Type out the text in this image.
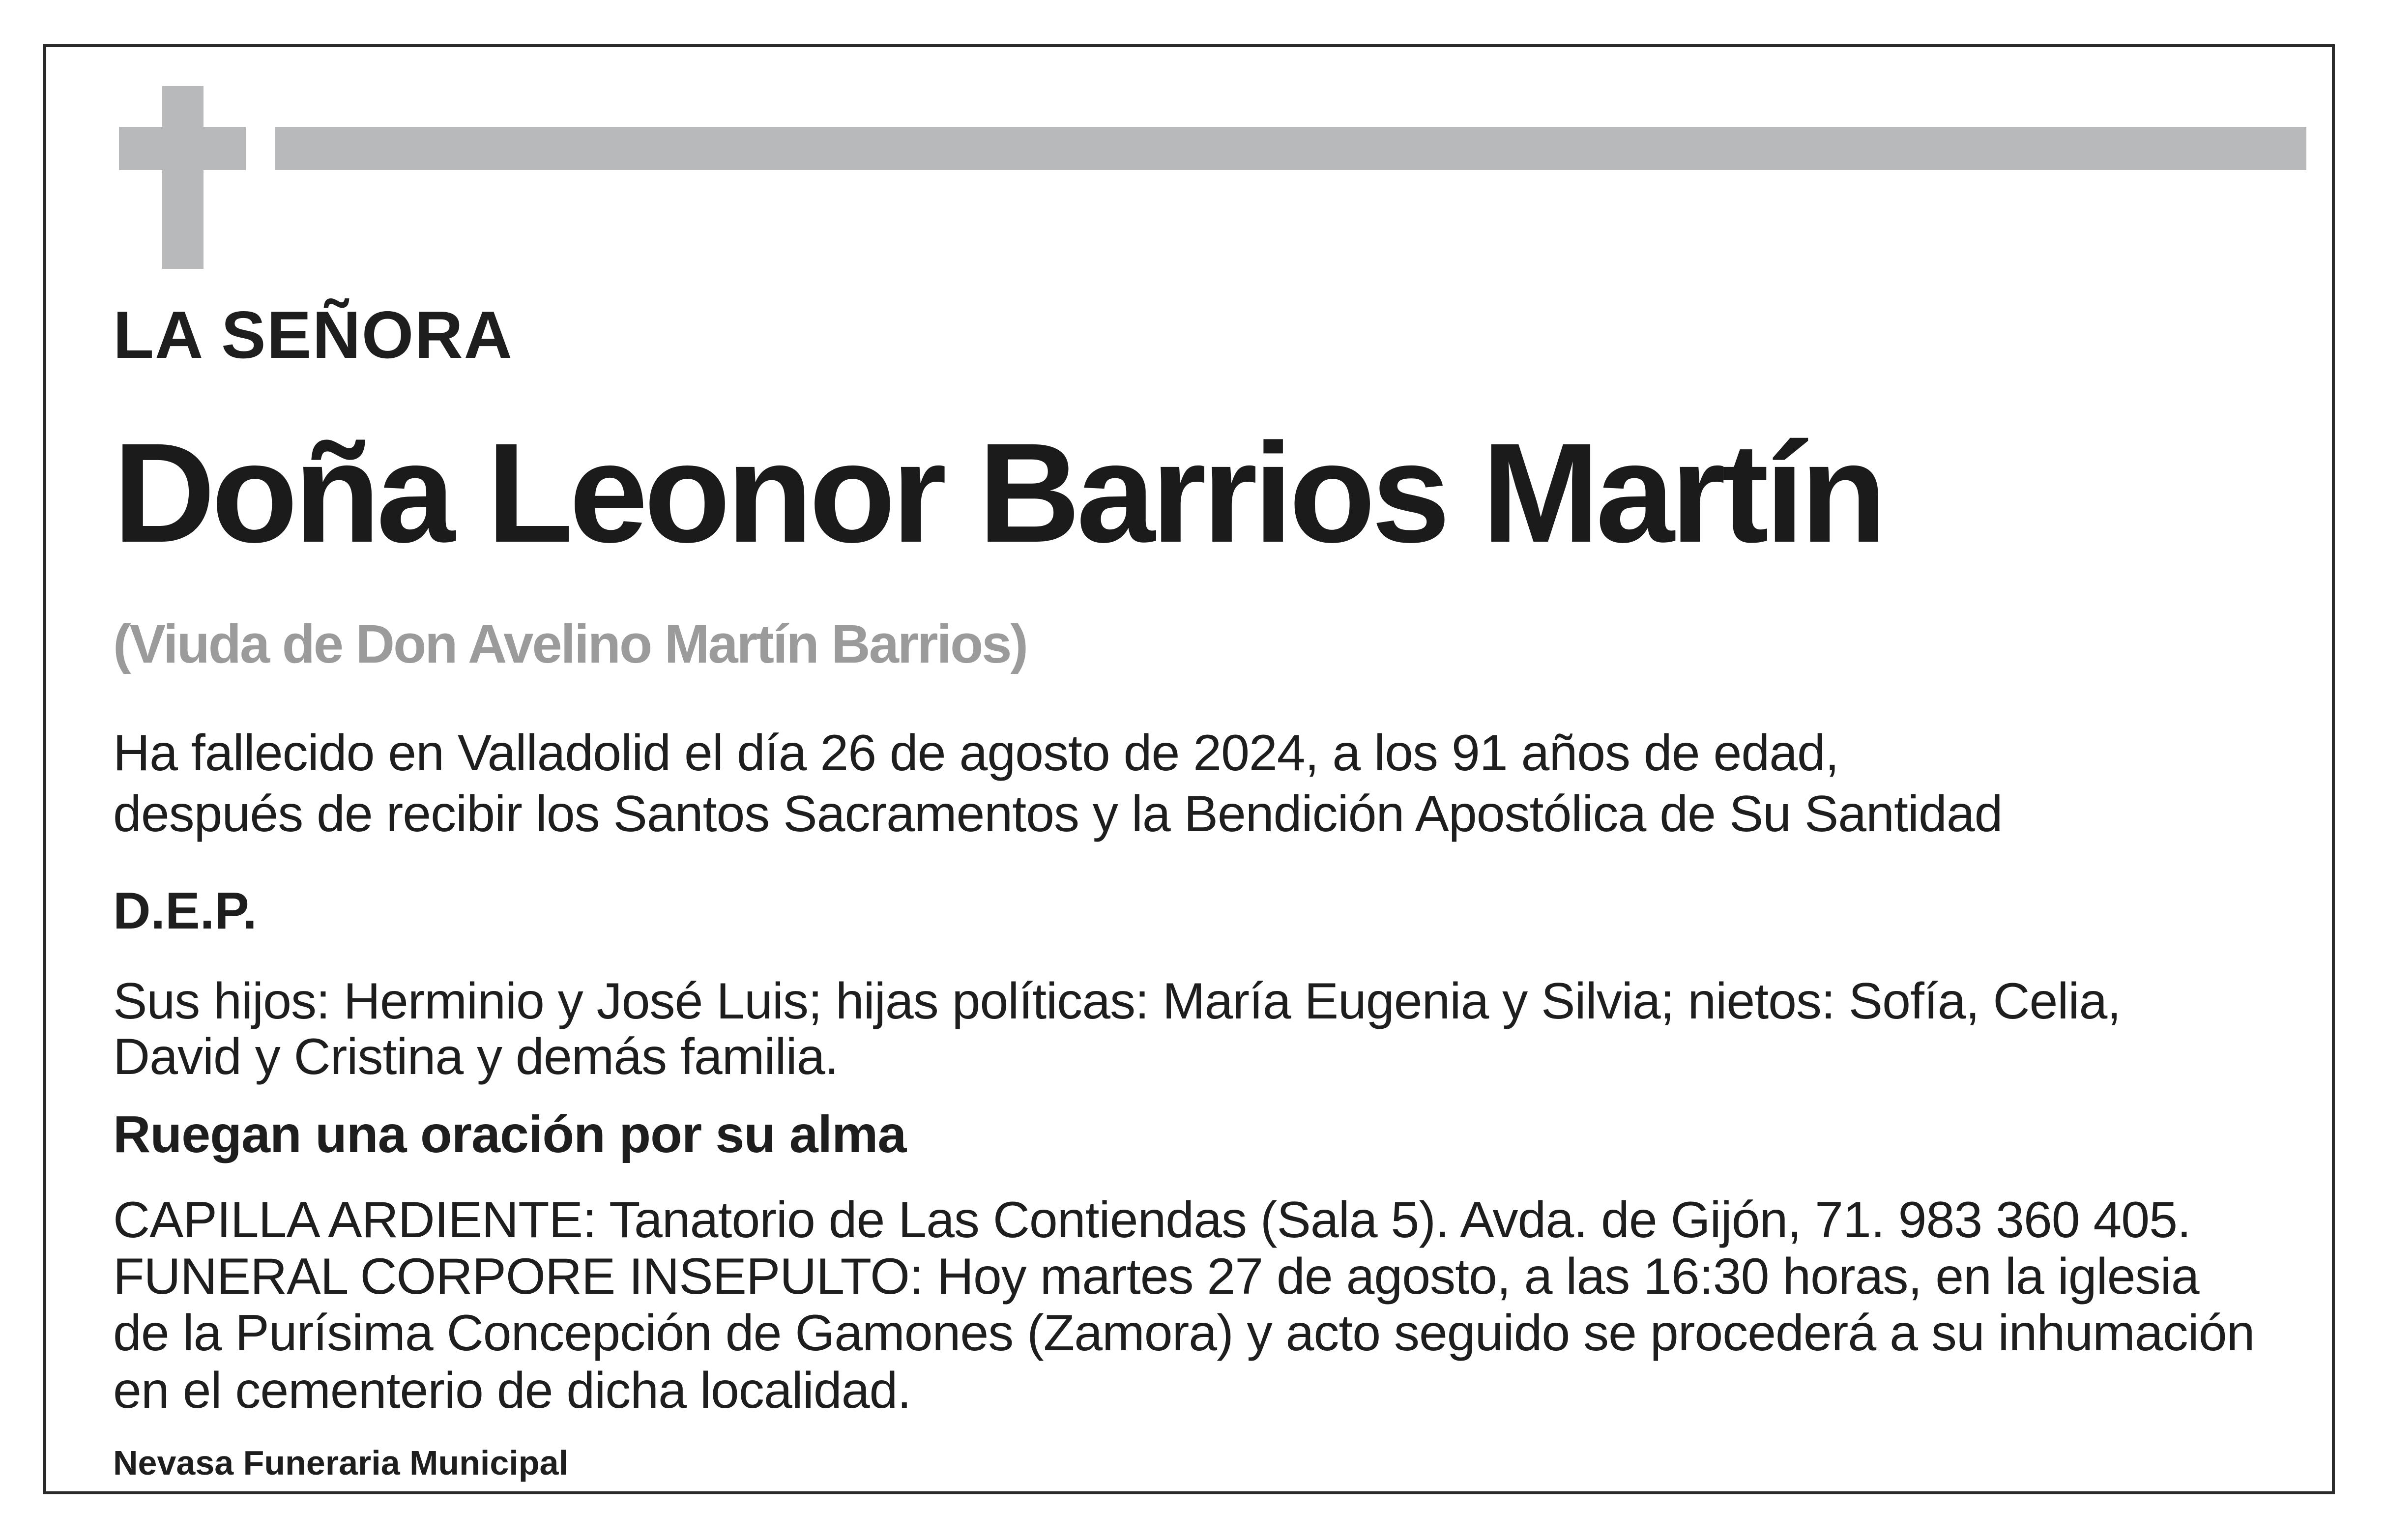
LA SEÑORA
Doña Leonor Barrios Martín
(Viuda de Don Avelino Martín Barrios)
Ha fallecido en Valladolid el día 26 de agosto de 2024, a los 91 años de edad,
después de recibir los Santos Sacramentos y la Bendición Apostólica de Su Santidad
D.E.P.
Sus hijos: Herminio y José Luis; hijas políticas: María Eugenia y Silvia; nietos: Sofía, Celia,
David y Cristina y demás familia.
Ruegan una oración por su alma
CAPILLA ARDIENTE: Tanatorio de Las Contiendas (Sala 5). Avda. de Gijón, 71. 983 360 405.
FUNERAL CORPORE INSEPULTO: Hoy martes 27 de agosto, a las 16:30 horas, en la iglesia
de la Purísima Concepción de Gamones (Zamora) y acto seguido se procederá a su inhumación
en el cementerio de dicha localidad.
Nevasa Funeraria Municipal
